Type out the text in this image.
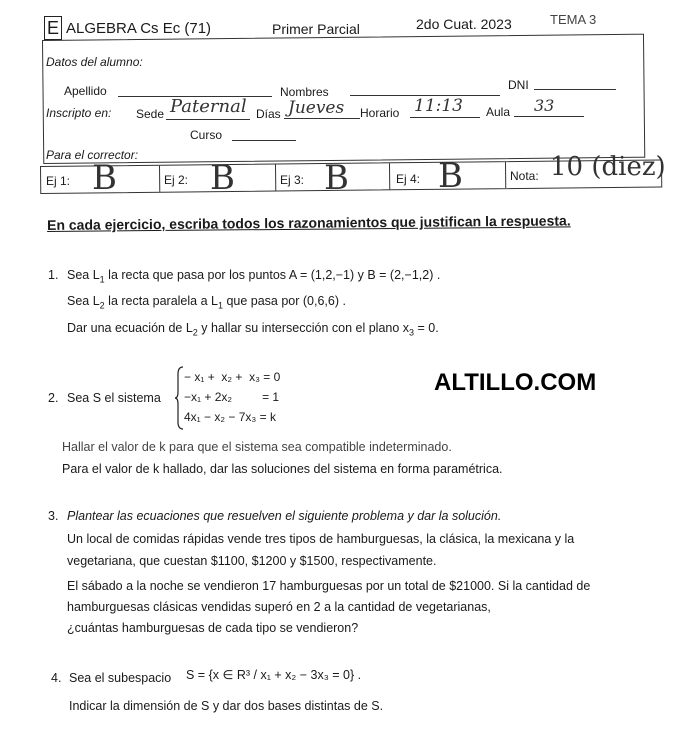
E ALGEBRA Cs Ec (71)	Primer Parcial	2do Cuat. 2023	TEMA 3
Datos del alumno:
Apellido	Nombres	DNI
Inscripto en: Sede Paternal Días Jueves Horario 11:13 Aula 33
Curso
Para el corrector:
Ej 1: B	Ej 2: B	Ej 3: B	Ej 4: B	Nota: 10 (diez)
En cada ejercicio, escriba todos los razonamientos que justifican la respuesta.
1. Sea $L_1$ la recta que pasa por los puntos A = (1,2,−1) y B = (2,−1,2) .
Sea $L_2$ la recta paralela a $L_1$ que pasa por (0,6,6) .
Dar una ecuación de $L_2$ y hallar su intersección con el plano $x_3 = 0$.
2. Sea S el sistema
− x₁ +  x₂ +  x₃ = 0
−x₁ + 2x₂         = 1
4x₁ − x₂ − 7x₃ = k
ALTILLO.COM
Hallar el valor de k para que el sistema sea compatible indeterminado.
Para el valor de k hallado, dar las soluciones del sistema en forma paramétrica.
3. Plantear las ecuaciones que resuelven el siguiente problema y dar la solución.
Un local de comidas rápidas vende tres tipos de hamburguesas, la clásica, la mexicana y la
vegetariana, que cuestan $1100, $1200 y $1500, respectivamente.
El sábado a la noche se vendieron 17 hamburguesas por un total de $21000. Si la cantidad de
hamburguesas clásicas vendidas superó en 2 a la cantidad de vegetarianas,
¿cuántas hamburguesas de cada tipo se vendieron?
4. Sea el subespacio S = {x ∈ R³ / x₁ + x₂ − 3x₃ = 0} .
Indicar la dimensión de S y dar dos bases distintas de S.
